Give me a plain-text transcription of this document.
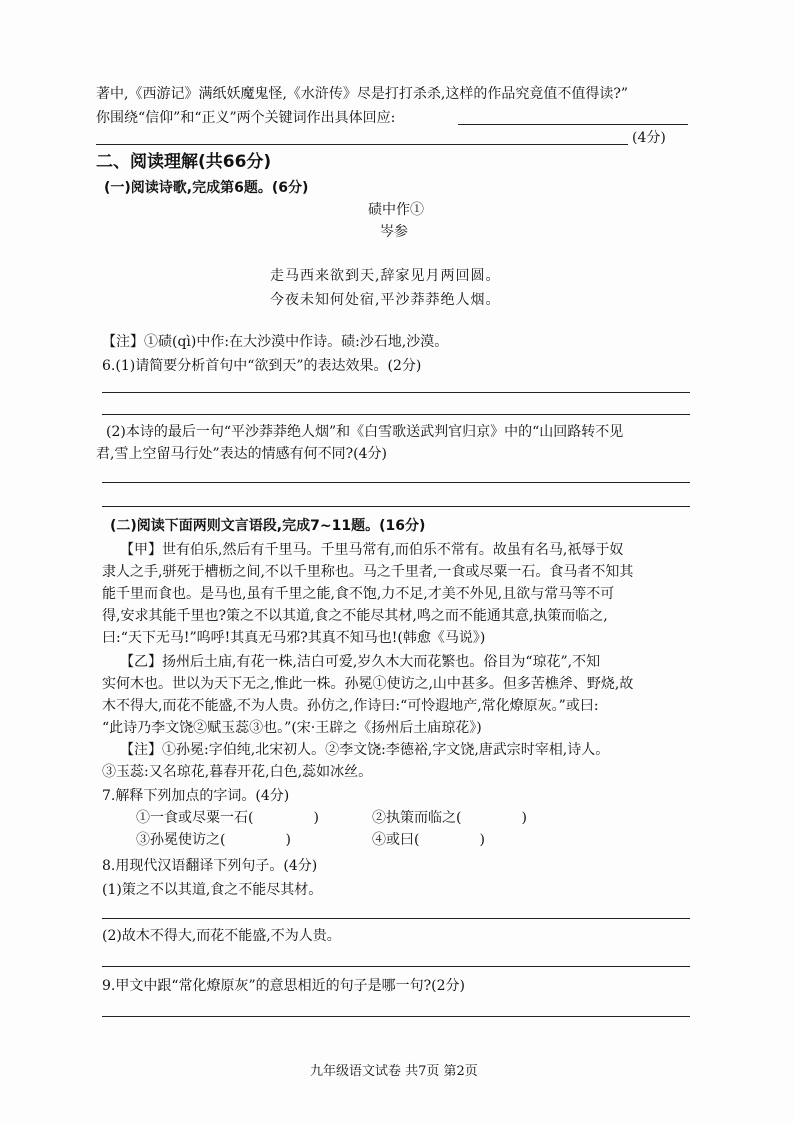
著中,《西游记》满纸妖魔鬼怪,《水浒传》尽是打打杀杀,这样的作品究竟值不值得读?”
你围绕“信仰”和“正义”两个关键词作出具体回应:
(4分)
二、阅读理解(共66分)
(一)阅读诗歌,完成第6题。(6分)
碛中作①
岑参
走马西来欲到天,辞家见月两回圆。
今夜未知何处宿,平沙莽莽绝人烟。
【注】①碛(qì)中作:在大沙漠中作诗。碛:沙石地,沙漠。
6.(1)请简要分析首句中“欲到天”的表达效果。(2分)
(2)本诗的最后一句“平沙莽莽绝人烟”和《白雪歌送武判官归京》中的“山回路转不见
君,雪上空留马行处”表达的情感有何不同?(4分)
(二)阅读下面两则文言语段,完成7~11题。(16分)
【甲】世有伯乐,然后有千里马。千里马常有,而伯乐不常有。故虽有名马,祇辱于奴
隶人之手,骈死于槽枥之间,不以千里称也。马之千里者,一食或尽粟一石。食马者不知其
能千里而食也。是马也,虽有千里之能,食不饱,力不足,才美不外见,且欲与常马等不可
得,安求其能千里也?策之不以其道,食之不能尽其材,鸣之而不能通其意,执策而临之,
曰:“天下无马!”呜呼!其真无马邪?其真不知马也!(韩愈《马说》)
【乙】扬州后土庙,有花一株,洁白可爱,岁久木大而花繁也。俗目为“琼花”,不知
实何木也。世以为天下无之,惟此一株。孙冕①使访之,山中甚多。但多苦樵斧、野烧,故
木不得大,而花不能盛,不为人贵。孙仿之,作诗曰:“可怜遐地产,常化燎原灰。”或曰:
“此诗乃李文饶②赋玉蕊③也。”(宋·王辟之《扬州后土庙琼花》)
【注】①孙冕:字伯纯,北宋初人。②李文饶:李德裕,字文饶,唐武宗时宰相,诗人。
③玉蕊:又名琼花,暮春开花,白色,蕊如冰丝。
7.解释下列加点的字词。(4分)
①一食或尽粟一石(	)	②执策而临之(	)
③孙冕使访之(	)	④或曰(	)
8.用现代汉语翻译下列句子。(4分)
(1)策之不以其道,食之不能尽其材。
(2)故木不得大,而花不能盛,不为人贵。
9.甲文中跟“常化燎原灰”的意思相近的句子是哪一句?(2分)
九年级语文试卷 共7页 第2页
